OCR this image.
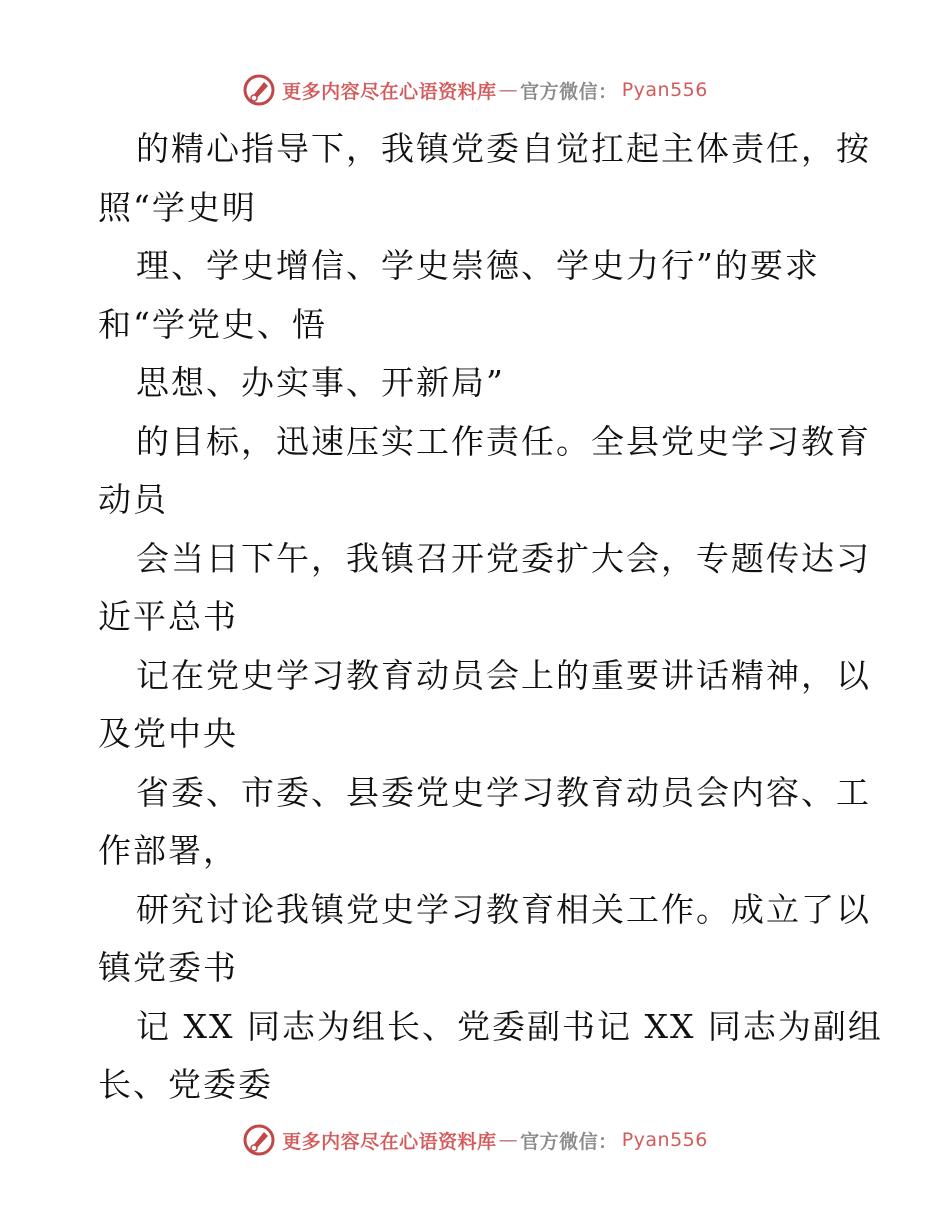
更多内容尽在心语资料库 — 官方微信： Pyan556
的精心指导下，我镇党委自觉扛起主体责任，按
照“学史明
理、学史增信、学史崇德、学史力行”的要求
和“学党史、悟
思想、办实事、开新局”
的目标，迅速压实工作责任。全县党史学习教育
动员
会当日下午，我镇召开党委扩大会，专题传达习
近平总书
记在党史学习教育动员会上的重要讲话精神，以
及党中央
省委、市委、县委党史学习教育动员会内容、工
作部署，
研究讨论我镇党史学习教育相关工作。成立了以
镇党委书
记 XX 同志为组长、党委副书记 XX 同志为副组
长、党委委
更多内容尽在心语资料库 — 官方微信： Pyan556
